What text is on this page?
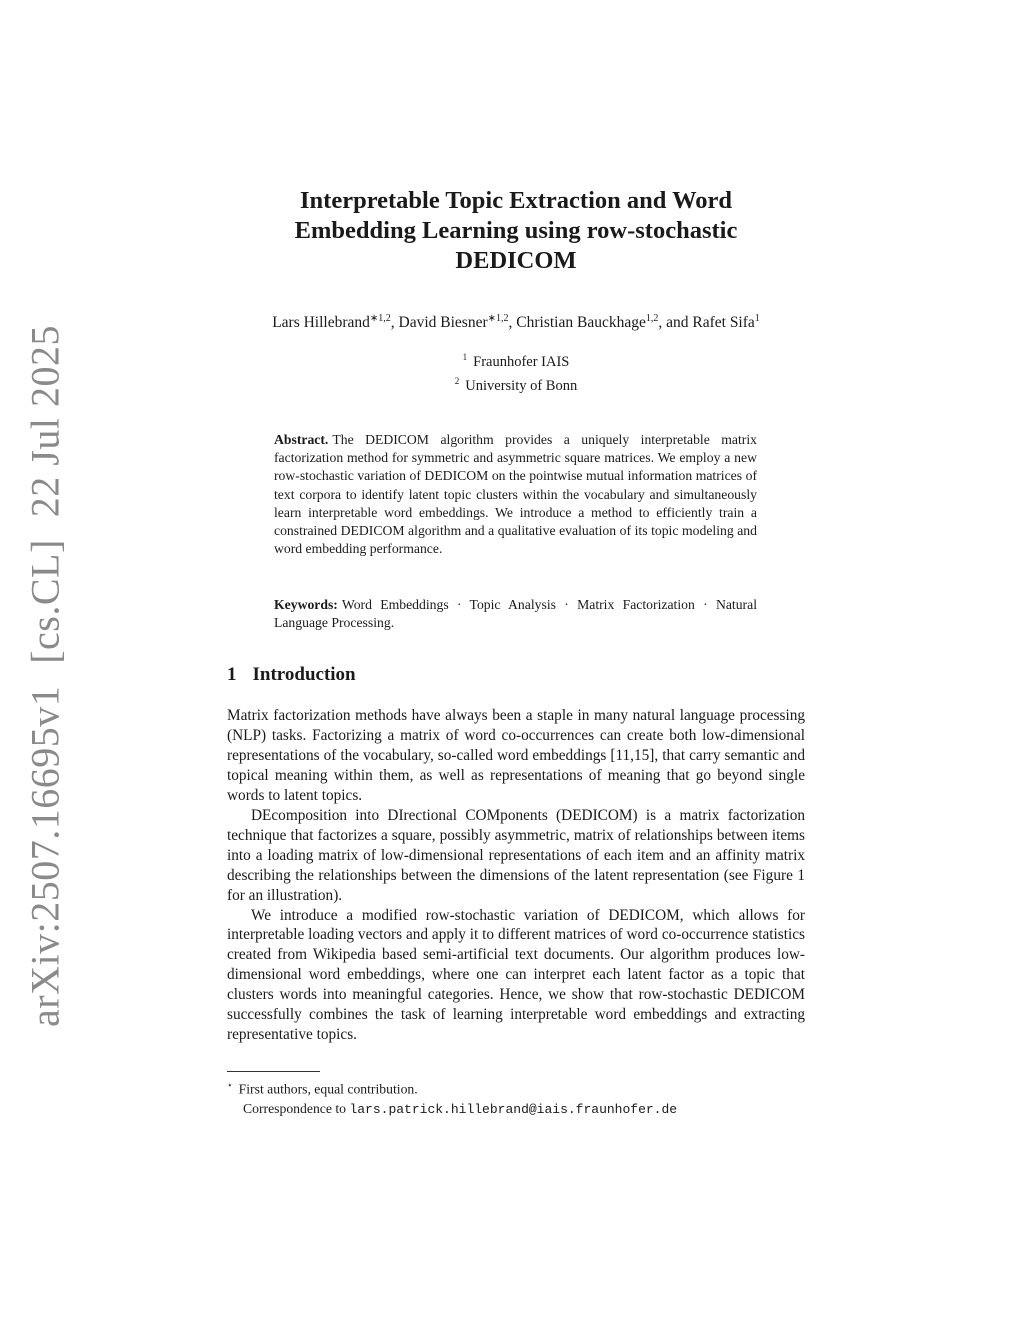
arXiv:2507.16695v1[cs.CL]22 Jul 2025
Interpretable Topic Extraction and Word
Embedding Learning using row-stochastic
DEDICOM
Lars Hillebrand$^{∗1,2}$, David Biesner$^{∗1,2}$, Christian Bauckhage$^{1,2}$, and Rafet Sifa$^1$
$^1$ Fraunhofer IAIS
$^2$ University of Bonn

Abstract. The DEDICOM algorithm provides a uniquely interpretable matrix factorization method for symmetric and asymmetric square matrices. We employ a new row-stochastic variation of DEDICOM on the pointwise mutual information matrices of text corpora to identify latent topic clusters within the vocabulary and simultaneously learn interpretable word embeddings. We introduce a method to efficiently train a constrained DEDICOM algorithm and a qualitative evaluation of its topic modeling and word embedding performance.

Keywords: Word Embeddings · Topic Analysis · Matrix Factorization · Natural Language Processing.

1 Introduction

Matrix factorization methods have always been a staple in many natural language processing (NLP) tasks. Factorizing a matrix of word co-occurrences can create both low-dimensional representations of the vocabulary, so-called word embeddings [11,15], that carry semantic and topical meaning within them, as well as representations of meaning that go beyond single words to latent topics.

DEcomposition into DIrectional COMponents (DEDICOM) is a matrix factorization technique that factorizes a square, possibly asymmetric, matrix of relationships between items into a loading matrix of low-dimensional representations of each item and an affinity matrix describing the relationships between the dimensions of the latent representation (see Figure 1 for an illustration).

We introduce a modified row-stochastic variation of DEDICOM, which allows for interpretable loading vectors and apply it to different matrices of word co-occurrence statistics created from Wikipedia based semi-artificial text documents. Our algorithm produces low-dimensional word embeddings, where one can interpret each latent factor as a topic that clusters words into meaningful categories. Hence, we show that row-stochastic DEDICOM successfully combines the task of learning interpretable word embeddings and extracting representative topics.

⋆ First authors, equal contribution.
Correspondence to lars.patrick.hillebrand@iais.fraunhofer.de
